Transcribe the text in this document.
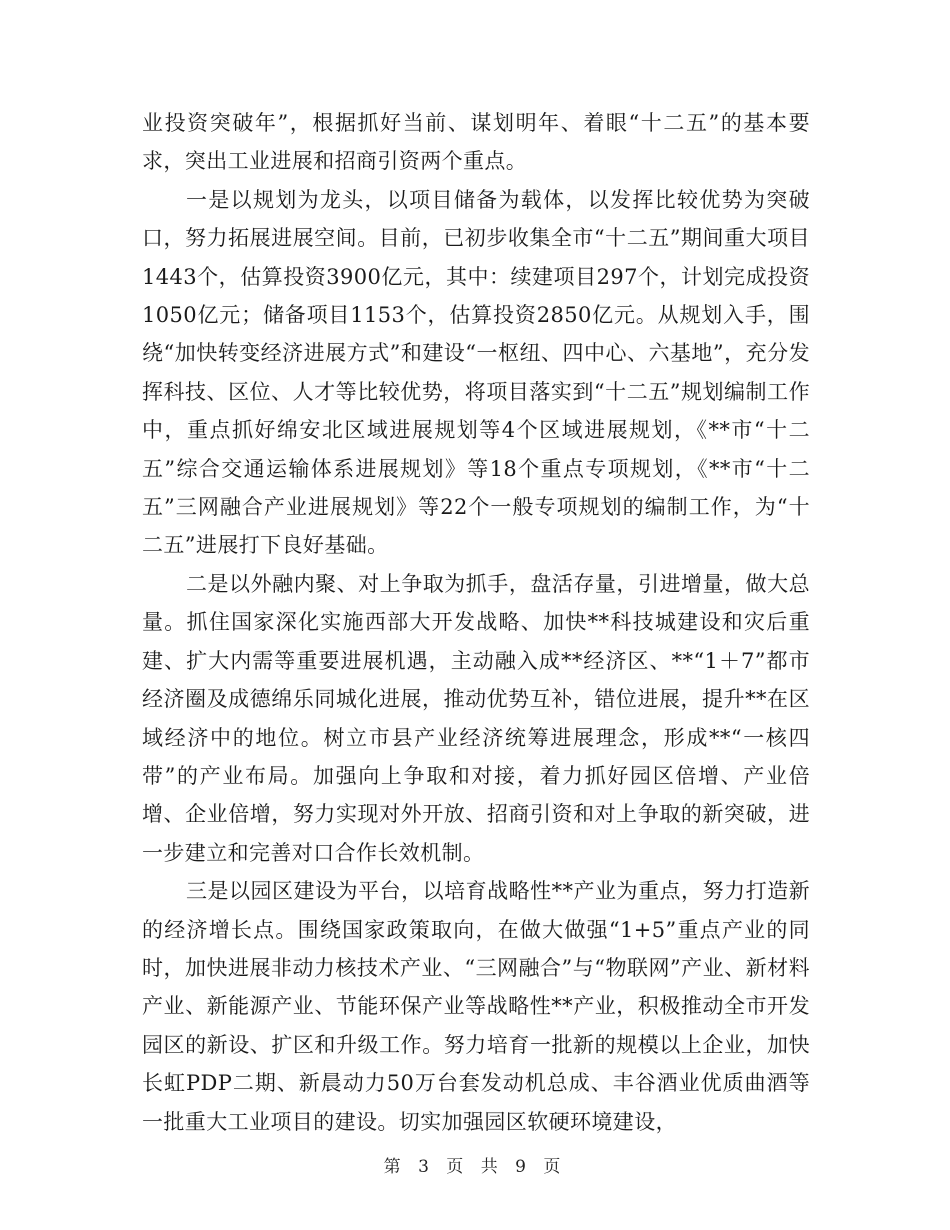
业投资突破年”，根据抓好当前、谋划明年、着眼“十二五”的基本要求，突出工业进展和招商引资两个重点。

一是以规划为龙头，以项目储备为载体，以发挥比较优势为突破口，努力拓展进展空间。目前，已初步收集全市“十二五”期间重大项目1443个，估算投资3900亿元，其中：续建项目297个，计划完成投资1050亿元；储备项目1153个，估算投资2850亿元。从规划入手，围绕“加快转变经济进展方式”和建设“一枢纽、四中心、六基地”，充分发挥科技、区位、人才等比较优势，将项目落实到“十二五”规划编制工作中，重点抓好绵安北区域进展规划等4个区域进展规划，《**市“十二五”综合交通运输体系进展规划》等18个重点专项规划，《**市“十二五”三网融合产业进展规划》等22个一般专项规划的编制工作，为“十二五”进展打下良好基础。

二是以外融内聚、对上争取为抓手，盘活存量，引进增量，做大总量。抓住国家深化实施西部大开发战略、加快**科技城建设和灾后重建、扩大内需等重要进展机遇，主动融入成**经济区、**“1＋7”都市经济圈及成德绵乐同城化进展，推动优势互补，错位进展，提升**在区域经济中的地位。树立市县产业经济统筹进展理念，形成**“一核四带”的产业布局。加强向上争取和对接，着力抓好园区倍增、产业倍增、企业倍增，努力实现对外开放、招商引资和对上争取的新突破，进一步建立和完善对口合作长效机制。

三是以园区建设为平台，以培育战略性**产业为重点，努力打造新的经济增长点。围绕国家政策取向，在做大做强“1+5”重点产业的同时，加快进展非动力核技术产业、“三网融合”与“物联网”产业、新材料产业、新能源产业、节能环保产业等战略性**产业，积极推动全市开发园区的新设、扩区和升级工作。努力培育一批新的规模以上企业，加快长虹PDP二期、新晨动力50万台套发动机总成、丰谷酒业优质曲酒等一批重大工业项目的建设。切实加强园区软硬环境建设，

第 3 页 共 9 页
